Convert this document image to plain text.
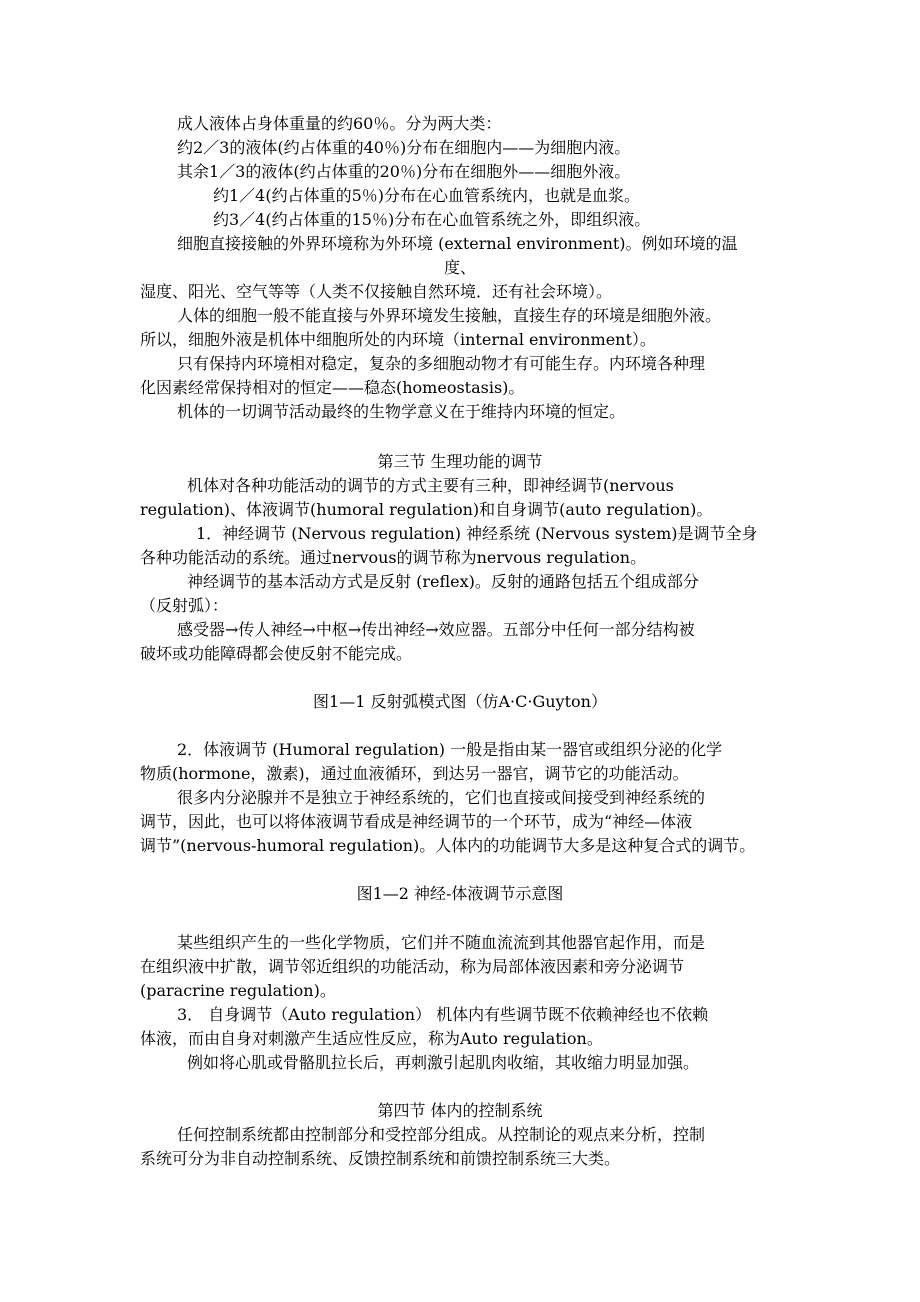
成人液体占身体重量的约60％。分为两大类：

约2／3的液体(约占体重的40％)分布在细胞内——为细胞内液。

其余1／3的液体(约占体重的20％)分布在细胞外——细胞外液。

约1／4(约占体重的5％)分布在心血管系统内，也就是血浆。

约3／4(约占体重的15％)分布在心血管系统之外，即组织液。

细胞直接接触的外界环境称为外环境 (external environment)。例如环境的温

度、

湿度、阳光、空气等等（人类不仅接触自然环境．还有社会环境）。

人体的细胞一般不能直接与外界环境发生接触，直接生存的环境是细胞外液。

所以，细胞外液是机体中细胞所处的内环境（internal environment）。

只有保持内环境相对稳定，复杂的多细胞动物才有可能生存。内环境各种理

化因素经常保持相对的恒定——稳态(homeostasis)。

机体的一切调节活动最终的生物学意义在于维持内环境的恒定。

第三节 生理功能的调节

机体对各种功能活动的调节的方式主要有三种，即神经调节(nervous

regulation)、体液调节(humoral regulation)和自身调节(auto regulation)。

1．神经调节 (Nervous regulation) 神经系统 (Nervous system)是调节全身

各种功能活动的系统。通过nervous的调节称为nervous regulation。

神经调节的基本活动方式是反射 (reflex)。反射的通路包括五个组成部分

（反射弧）：

感受器→传人神经→中枢→传出神经→效应器。五部分中任何一部分结构被

破坏或功能障碍都会使反射不能完成。

图1—1 反射弧模式图（仿A·C·Guyton）

2．体液调节 (Humoral regulation) 一般是指由某一器官或组织分泌的化学

物质(hormone，激素)，通过血液循环，到达另一器官，调节它的功能活动。

很多内分泌腺并不是独立于神经系统的，它们也直接或间接受到神经系统的

调节，因此，也可以将体液调节看成是神经调节的一个环节，成为“神经—体液

调节”(nervous-humoral regulation)。人体内的功能调节大多是这种复合式的调节。

图1—2 神经-体液调节示意图

某些组织产生的一些化学物质，它们并不随血流流到其他器官起作用，而是

在组织液中扩散，调节邻近组织的功能活动，称为局部体液因素和旁分泌调节

(paracrine regulation)。

3． 自身调节（Auto regulation） 机体内有些调节既不依赖神经也不依赖

体液，而由自身对刺激产生适应性反应，称为Auto regulation。

例如将心肌或骨骼肌拉长后，再刺激引起肌肉收缩，其收缩力明显加强。

第四节 体内的控制系统

任何控制系统都由控制部分和受控部分组成。从控制论的观点来分析，控制

系统可分为非自动控制系统、反馈控制系统和前馈控制系统三大类。
